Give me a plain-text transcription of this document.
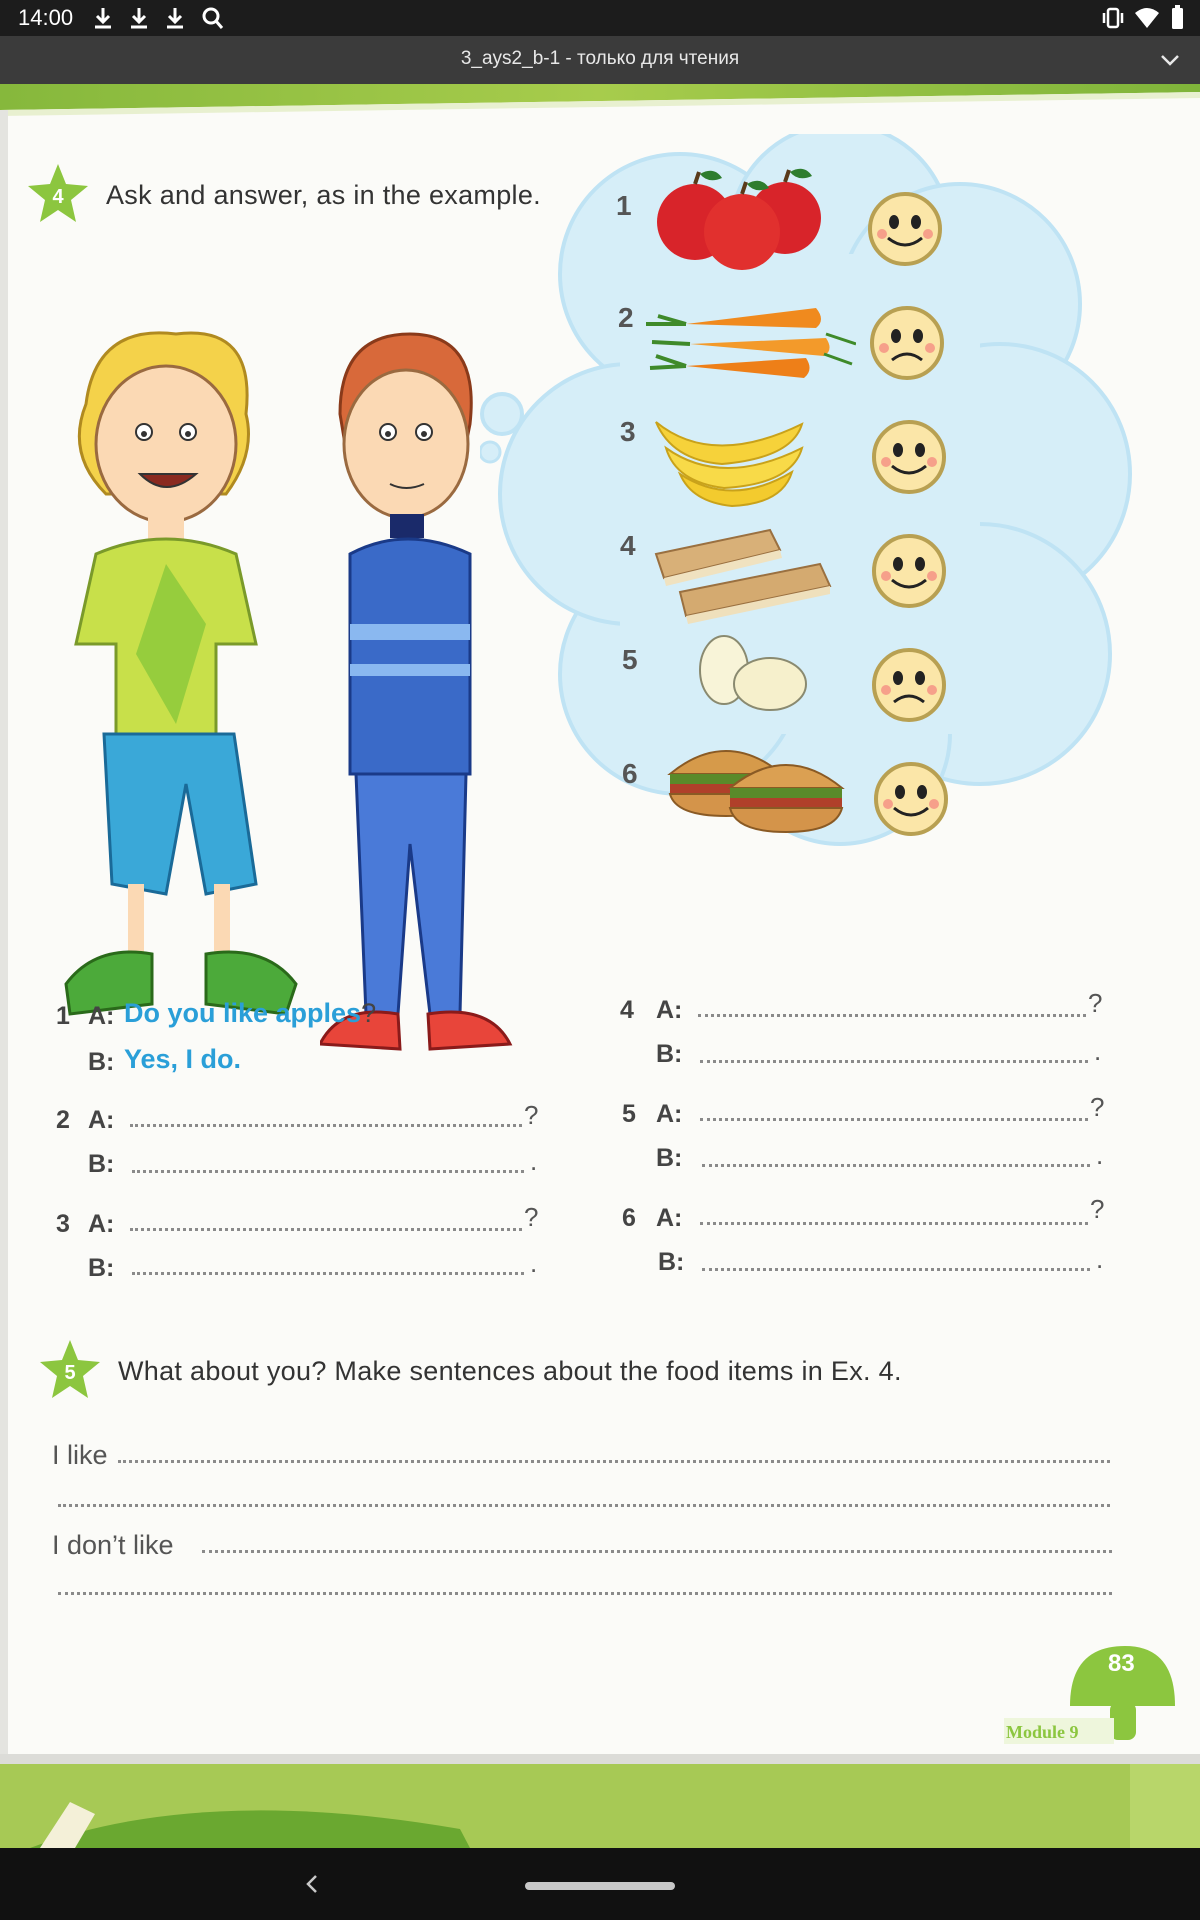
14:00
3_ays2_b-1 - только для чтения
4 Ask and answer, as in the example.	1
2
3
4
5
6
1 A: Do you like apples?
B: Yes, I do.
2 A:	?
B:	.
3 A:	?
B:	.
4 A:	?
B:	.
5 A:	?
B:	.
6 A:	?
B:	.
5 What about you? Make sentences about the food items in Ex. 4.
I like
I don’t like
83
Module 9
